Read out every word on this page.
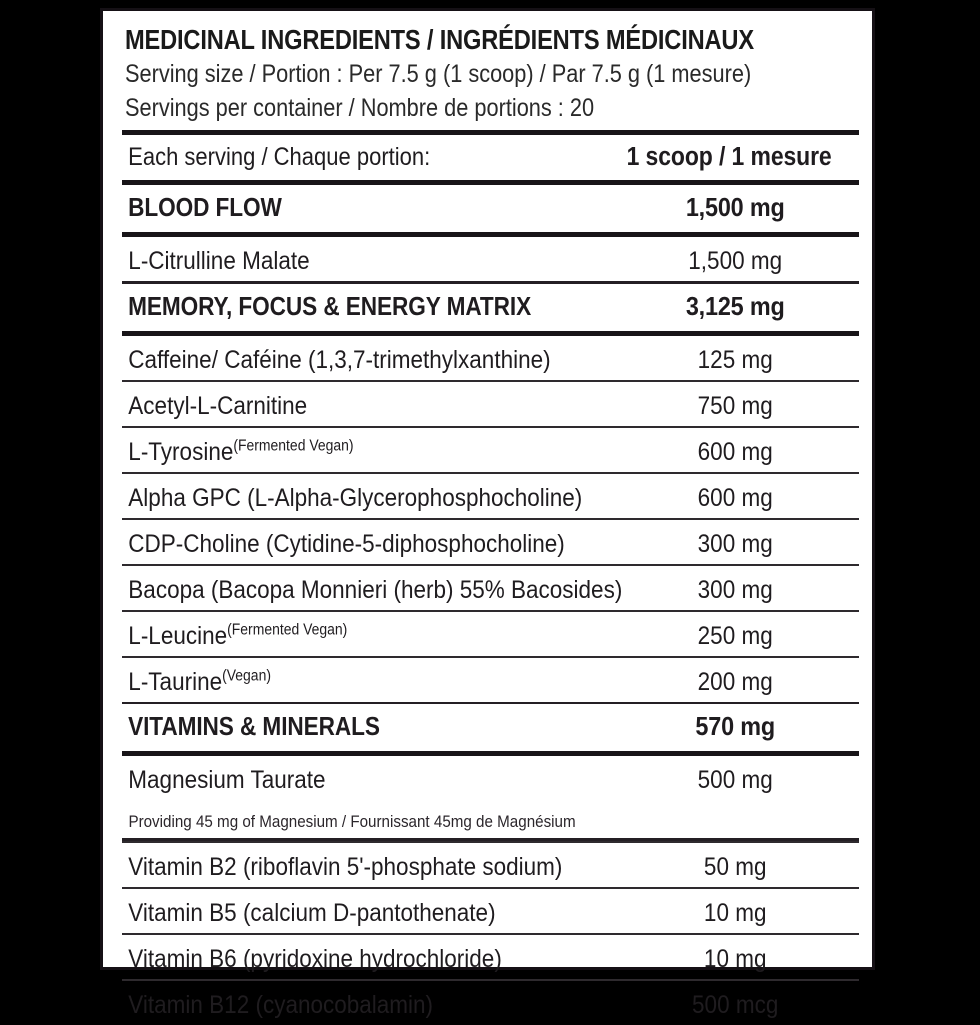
MEDICINAL INGREDIENTS / INGRÉDIENTS MÉDICINAUX
Serving size / Portion : Per 7.5 g (1 scoop) / Par 7.5 g (1 mesure)
Servings per container / Nombre de portions : 20
Each serving / Chaque portion:	1 scoop / 1 mesure
BLOOD FLOW	1,500 mg
L-Citrulline Malate	1,500 mg
MEMORY, FOCUS & ENERGY MATRIX	3,125 mg
Caffeine/ Caféine (1,3,7-trimethylxanthine)	125 mg
Acetyl-L-Carnitine	750 mg
L-Tyrosine$^{(Fermented Vegan)}$	600 mg
Alpha GPC (L-Alpha-Glycerophosphocholine)	600 mg
CDP-Choline (Cytidine-5-diphosphocholine)	300 mg
Bacopa (Bacopa Monnieri (herb) 55% Bacosides)	300 mg
L-Leucine$^{(Fermented Vegan)}$	250 mg
L-Taurine$^{(Vegan)}$	200 mg
VITAMINS & MINERALS	570 mg
Magnesium Taurate	500 mg
Providing 45 mg of Magnesium / Fournissant 45mg de Magnésium
Vitamin B2 (riboflavin 5'-phosphate sodium)	50 mg
Vitamin B5 (calcium D-pantothenate)	10 mg
Vitamin B6 (pyridoxine hydrochloride)	10 mg
Vitamin B12 (cyanocobalamin)	500 mcg
